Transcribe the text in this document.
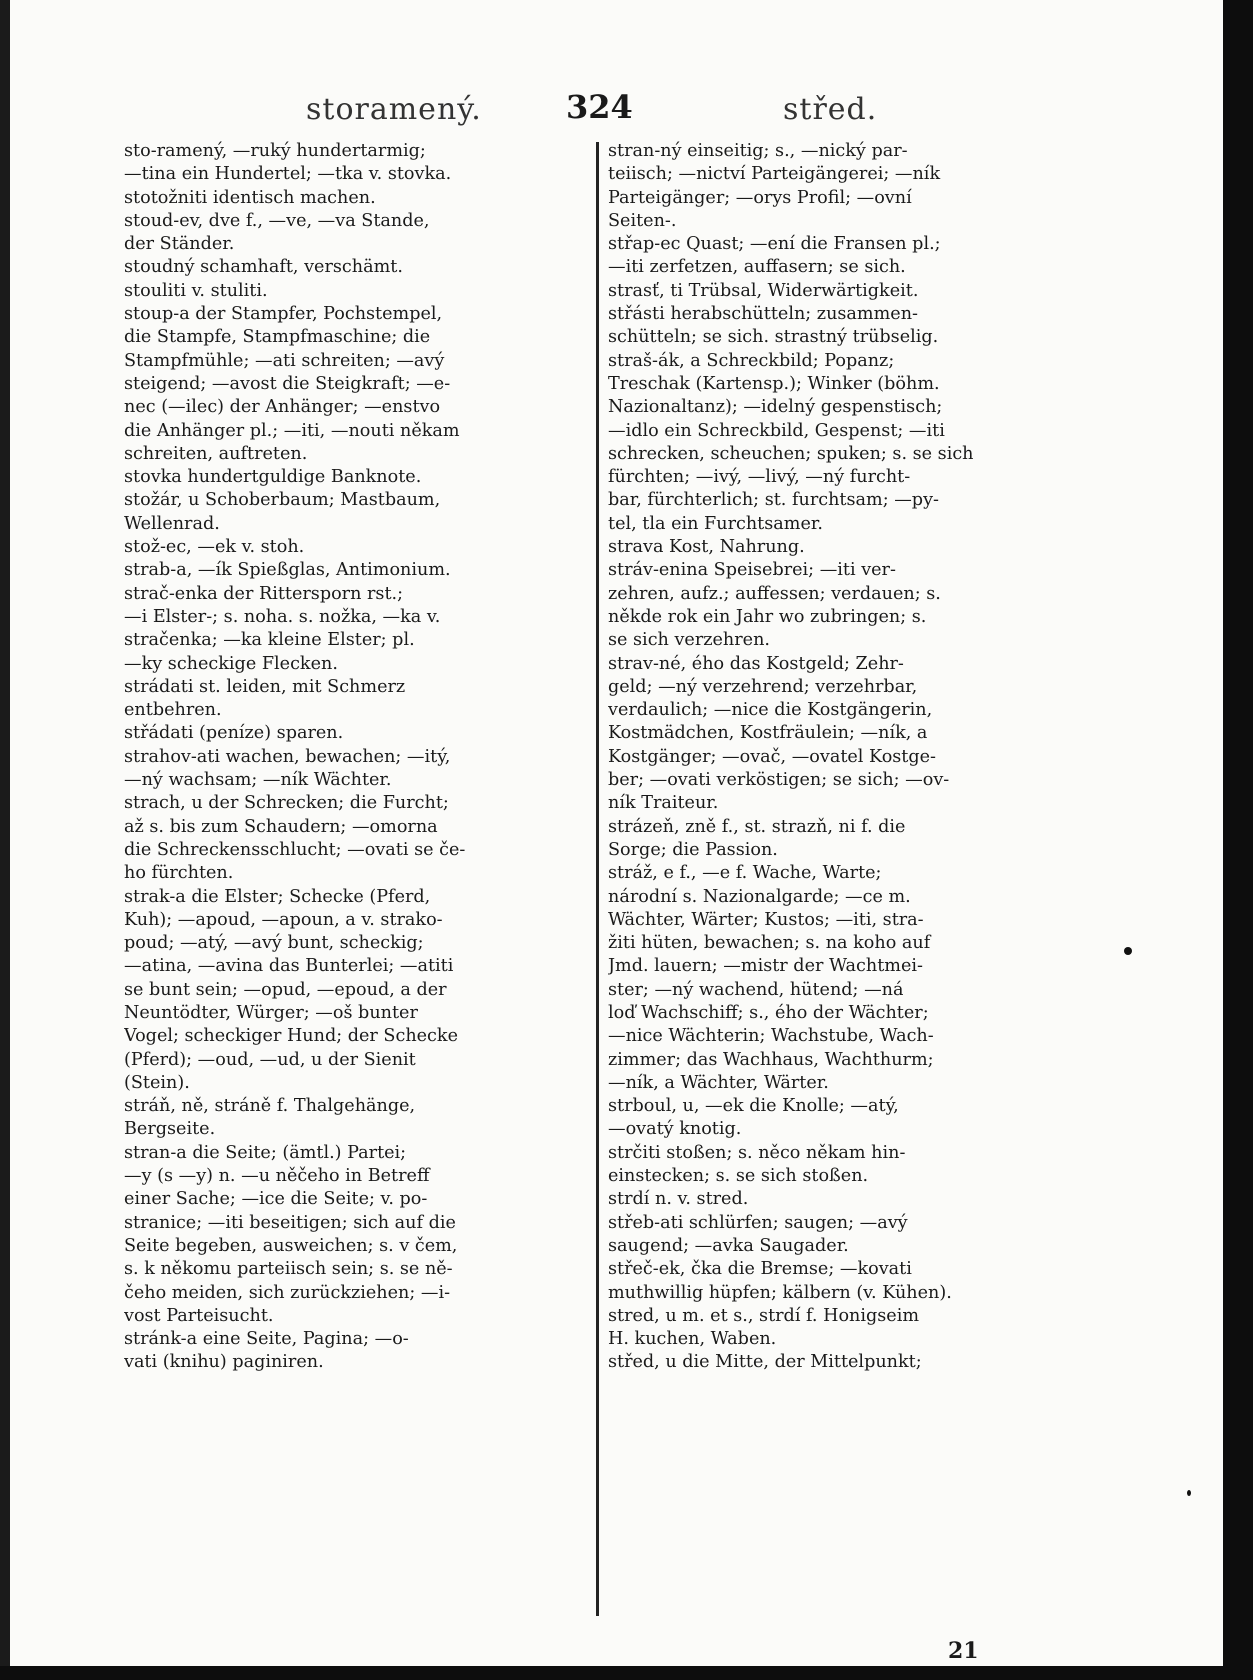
storamený.	324	střed.
sto-ramený, —ruký hundertarmig;
—tina ein Hundertel; —tka v. stovka.
stotožniti identisch machen.
stoud-ev, dve f., —ve, —va Stande,
der Ständer.
stoudný schamhaft, verschämt.
stouliti v. stuliti.
stoup-a der Stampfer, Pochstempel,
die Stampfe, Stampfmaschine; die
Stampfmühle; —ati schreiten; —avý
steigend; —avost die Steigkraft; —e-
nec (—ilec) der Anhänger; —enstvo
die Anhänger pl.; —iti, —nouti někam
schreiten, auftreten.
stovka hundertguldige Banknote.
stožár, u Schoberbaum; Mastbaum,
Wellenrad.
stož-ec, —ek v. stoh.
strab-a, —ík Spießglas, Antimonium.
strač-enka der Rittersporn rst.;
—i Elster-; s. noha. s. nožka, —ka v.
stračenka; —ka kleine Elster; pl.
—ky scheckige Flecken.
strádati st. leiden, mit Schmerz
entbehren.
střádati (peníze) sparen.
strahov-ati wachen, bewachen; —itý,
—ný wachsam; —ník Wächter.
strach, u der Schrecken; die Furcht;
až s. bis zum Schaudern; —omorna
die Schreckensschlucht; —ovati se če-
ho fürchten.
strak-a die Elster; Schecke (Pferd,
Kuh); —apoud, —apoun, a v. strako-
poud; —atý, —avý bunt, scheckig;
—atina, —avina das Bunterlei; —atiti
se bunt sein; —opud, —epoud, a der
Neuntödter, Würger; —oš bunter
Vogel; scheckiger Hund; der Schecke
(Pferd); —oud, —ud, u der Sienit
(Stein).
stráň, ně, stráně f. Thalgehänge,
Bergseite.
stran-a die Seite; (ämtl.) Partei;
—y (s —y) n. —u něčeho in Betreff
einer Sache; —ice die Seite; v. po-
stranice; —iti beseitigen; sich auf die
Seite begeben, ausweichen; s. v čem,
s. k někomu parteiisch sein; s. se ně-
čeho meiden, sich zurückziehen; —i-
vost Parteisucht.
stránk-a eine Seite, Pagina; —o-
vati (knihu) paginiren.
stran-ný einseitig; s., —nický par-
teiisch; —nictví Parteigängerei; —ník
Parteigänger; —orys Profil; —ovní
Seiten-.
střap-ec Quast; —ení die Fransen pl.;
—iti zerfetzen, auffasern; se sich.
strasť, ti Trübsal, Widerwärtigkeit.
střásti herabschütteln; zusammen-
schütteln; se sich. strastný trübselig.
straš-ák, a Schreckbild; Popanz;
Treschak (Kartensp.); Winker (böhm.
Nazionaltanz); —idelný gespenstisch;
—idlo ein Schreckbild, Gespenst; —iti
schrecken, scheuchen; spuken; s. se sich
fürchten; —ivý, —livý, —ný furcht-
bar, fürchterlich; st. furchtsam; —py-
tel, tla ein Furchtsamer.
strava Kost, Nahrung.
stráv-enina Speisebrei; —iti ver-
zehren, aufz.; auffessen; verdauen; s.
někde rok ein Jahr wo zubringen; s.
se sich verzehren.
strav-né, ého das Kostgeld; Zehr-
geld; —ný verzehrend; verzehrbar,
verdaulich; —nice die Kostgängerin,
Kostmädchen, Kostfräulein; —ník, a
Kostgänger; —ovač, —ovatel Kostge-
ber; —ovati verköstigen; se sich; —ov-
ník Traiteur.
strázeň, zně f., st. strazň, ni f. die
Sorge; die Passion.
stráž, e f., —e f. Wache, Warte;
národní s. Nazionalgarde; —ce m.
Wächter, Wärter; Kustos; —iti, stra-
žiti hüten, bewachen; s. na koho auf
Jmd. lauern; —mistr der Wachtmei-
ster; —ný wachend, hütend; —ná
loď Wachschiff; s., ého der Wächter;
—nice Wächterin; Wachstube, Wach-
zimmer; das Wachhaus, Wachthurm;
—ník, a Wächter, Wärter.
strboul, u, —ek die Knolle; —atý,
—ovatý knotig.
strčiti stoßen; s. něco někam hin-
einstecken; s. se sich stoßen.
strdí n. v. stred.
střeb-ati schlürfen; saugen; —avý
saugend; —avka Saugader.
střeč-ek, čka die Bremse; —kovati
muthwillig hüpfen; kälbern (v. Kühen).
stred, u m. et s., strdí f. Honigseim
H. kuchen, Waben.
střed, u die Mitte, der Mittelpunkt;
21
